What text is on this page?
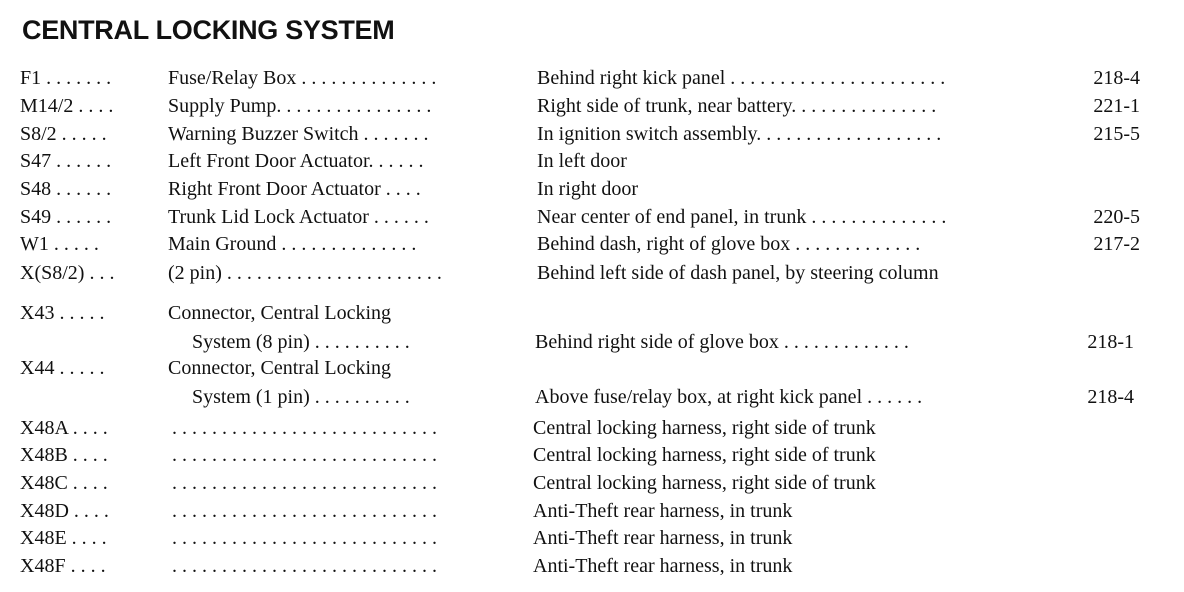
CENTRAL LOCKING SYSTEM
F1 . . . . . . .	Fuse/Relay Box . . . . . . . . . . . . . .	Behind right kick panel . . . . . . . . . . . . . . . . . . . . . .	218-4
M14/2 . . . .	Supply Pump. . . . . . . . . . . . . . . .	Right side of trunk, near battery. . . . . . . . . . . . . . .	221-1
S8/2 . . . . .	Warning Buzzer Switch . . . . . . .	In ignition switch assembly. . . . . . . . . . . . . . . . . . .	215-5
S47 . . . . . .	Left Front Door Actuator. . . . . .	In left door
S48 . . . . . .	Right Front Door Actuator . . . .	In right door
S49 . . . . . .	Trunk Lid Lock Actuator . . . . . .	Near center of end panel, in trunk . . . . . . . . . . . . . .	220-5
W1 . . . . .	Main Ground . . . . . . . . . . . . . .	Behind dash, right of glove box . . . . . . . . . . . . .	217-2
X(S8/2) . . .	(2 pin) . . . . . . . . . . . . . . . . . . . . . .	Behind left side of dash panel, by steering column
X43 . . . . .	Connector, Central Locking
System (8 pin) . . . . . . . . . .	Behind right side of glove box . . . . . . . . . . . . .	218-1
X44 . . . . .	Connector, Central Locking
System (1 pin) . . . . . . . . . .	Above fuse/relay box, at right kick panel . . . . . .	218-4
X48A . . . .	. . . . . . . . . . . . . . . . . . . . . . . . . . .	Central locking harness, right side of trunk
X48B . . . .	. . . . . . . . . . . . . . . . . . . . . . . . . . .	Central locking harness, right side of trunk
X48C . . . .	. . . . . . . . . . . . . . . . . . . . . . . . . . .	Central locking harness, right side of trunk
X48D . . . .	. . . . . . . . . . . . . . . . . . . . . . . . . . .	Anti-Theft rear harness, in trunk
X48E . . . .	. . . . . . . . . . . . . . . . . . . . . . . . . . .	Anti-Theft rear harness, in trunk
X48F . . . .	. . . . . . . . . . . . . . . . . . . . . . . . . . .	Anti-Theft rear harness, in trunk
